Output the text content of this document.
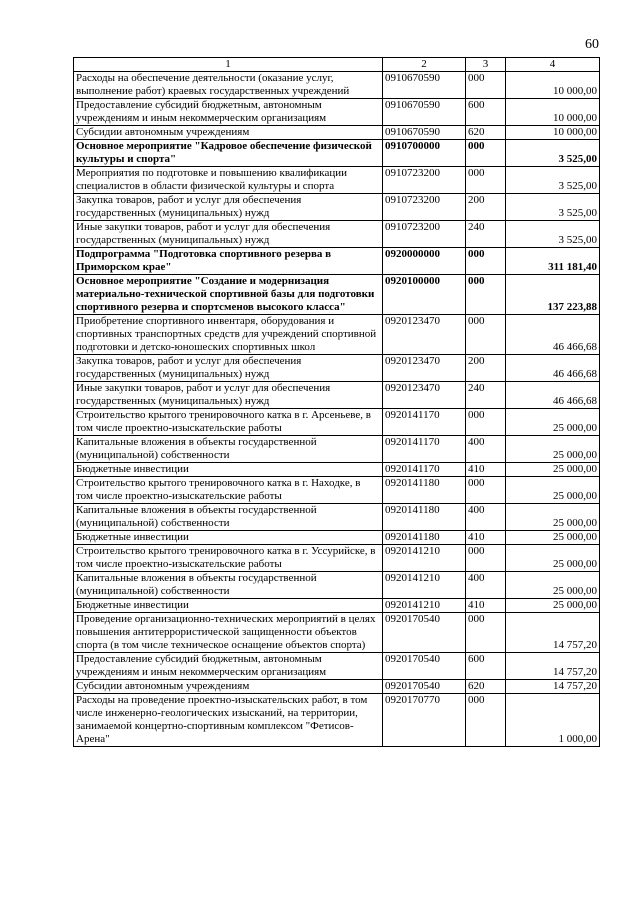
60
1	2	3	4
Расходы на обеспечение деятельности (оказание услуг, выполнение работ) краевых государственных учреждений	0910670590	000	10 000,00
Предоставление субсидий бюджетным, автономным учреждениям и иным некоммерческим организациям	0910670590	600	10 000,00
Субсидии автономным учреждениям	0910670590	620	10 000,00
Основное мероприятие "Кадровое обеспечение физической культуры и спорта"	0910700000	000	3 525,00
Мероприятия по подготовке и повышению квалификации специалистов в области физической культуры и спорта	0910723200	000	3 525,00
Закупка товаров, работ и услуг для обеспечения государственных (муниципальных) нужд	0910723200	200	3 525,00
Иные закупки товаров, работ и услуг для обеспечения государственных (муниципальных) нужд	0910723200	240	3 525,00
Подпрограмма "Подготовка спортивного резерва в Приморском крае"	0920000000	000	311 181,40
Основное мероприятие "Создание и модернизация материально-технической спортивной базы для подготовки спортивного резерва и спортсменов высокого класса"	0920100000	000	137 223,88
Приобретение спортивного инвентаря, оборудования и спортивных транспортных средств для учреждений спортивной подготовки и детско-юношеских спортивных школ	0920123470	000	46 466,68
Закупка товаров, работ и услуг для обеспечения государственных (муниципальных) нужд	0920123470	200	46 466,68
Иные закупки товаров, работ и услуг для обеспечения государственных (муниципальных) нужд	0920123470	240	46 466,68
Строительство крытого тренировочного катка в г. Арсеньеве, в том числе проектно-изыскательские работы	0920141170	000	25 000,00
Капитальные вложения в объекты государственной (муниципальной) собственности	0920141170	400	25 000,00
Бюджетные инвестиции	0920141170	410	25 000,00
Строительство крытого тренировочного катка в г. Находке, в том числе проектно-изыскательские работы	0920141180	000	25 000,00
Капитальные вложения в объекты государственной (муниципальной) собственности	0920141180	400	25 000,00
Бюджетные инвестиции	0920141180	410	25 000,00
Строительство крытого тренировочного катка в г. Уссурийске, в том числе проектно-изыскательские работы	0920141210	000	25 000,00
Капитальные вложения в объекты государственной (муниципальной) собственности	0920141210	400	25 000,00
Бюджетные инвестиции	0920141210	410	25 000,00
Проведение организационно-технических мероприятий в целях повышения антитеррористической защищенности объектов спорта (в том числе техническое оснащение объектов спорта)	0920170540	000	14 757,20
Предоставление субсидий бюджетным, автономным учреждениям и иным некоммерческим организациям	0920170540	600	14 757,20
Субсидии автономным учреждениям	0920170540	620	14 757,20
Расходы на проведение проектно-изыскательских работ, в том числе инженерно-геологических изысканий, на территории, занимаемой концертно-спортивным комплексом "Фетисов-Арена"	0920170770	000	1 000,00
